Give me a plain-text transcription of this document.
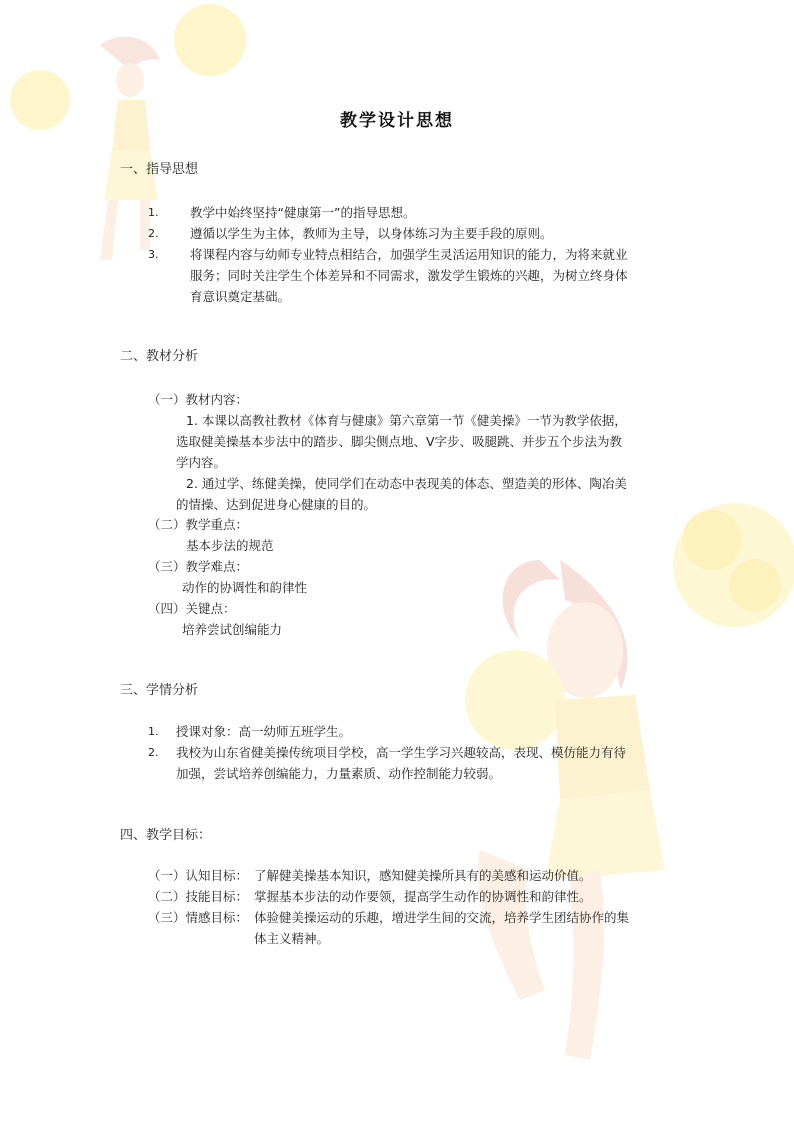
教学设计思想
一、指导思想
1.	教学中始终坚持“健康第一”的指导思想。
2.	遵循以学生为主体，教师为主导，以身体练习为主要手段的原则。
3.	将课程内容与幼师专业特点相结合，加强学生灵活运用知识的能力，为将来就业
服务；同时关注学生个体差异和不同需求，激发学生锻炼的兴趣，为树立终身体
育意识奠定基础。
二、教材分析
（一）教材内容：
1. 本课以高教社教材《体育与健康》第六章第一节《健美操》一节为教学依据，
选取健美操基本步法中的踏步、脚尖侧点地、V字步、吸腿跳、并步五个步法为教
学内容。
2. 通过学、练健美操，使同学们在动态中表现美的体态、塑造美的形体、陶冶美
的情操、达到促进身心健康的目的。
（二）教学重点：
基本步法的规范
（三）教学难点：
动作的协调性和韵律性
（四）关键点：
培养尝试创编能力
三、学情分析
1. 授课对象：高一幼师五班学生。
2. 我校为山东省健美操传统项目学校，高一学生学习兴趣较高，表现、模仿能力有待
加强，尝试培养创编能力，力量素质、动作控制能力较弱。
四、教学目标：
（一）认知目标： 了解健美操基本知识，感知健美操所具有的美感和运动价值。
（二）技能目标： 掌握基本步法的动作要领，提高学生动作的协调性和韵律性。
（三）情感目标： 体验健美操运动的乐趣，增进学生间的交流，培养学生团结协作的集
体主义精神。
